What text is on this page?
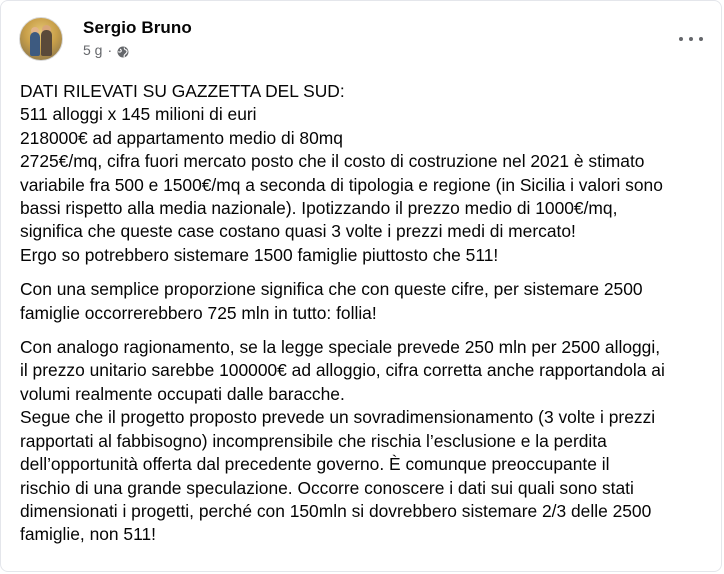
Sergio Bruno
5 g ·
DATI RILEVATI SU GAZZETTA DEL SUD:
511 alloggi x 145 milioni di euri
218000€ ad appartamento medio di 80mq
2725€/mq, cifra fuori mercato posto che il costo di costruzione nel 2021 è stimato
variabile fra 500 e 1500€/mq a seconda di tipologia e regione (in Sicilia i valori sono
bassi rispetto alla media nazionale). Ipotizzando il prezzo medio di 1000€/mq,
significa che queste case costano quasi 3 volte i prezzi medi di mercato!
Ergo so potrebbero sistemare 1500 famiglie piuttosto che 511!
Con una semplice proporzione significa che con queste cifre, per sistemare 2500
famiglie occorrerebbero 725 mln in tutto: follia!
Con analogo ragionamento, se la legge speciale prevede 250 mln per 2500 alloggi,
il prezzo unitario sarebbe 100000€ ad alloggio, cifra corretta anche rapportandola ai
volumi realmente occupati dalle baracche.
Segue che il progetto proposto prevede un sovradimensionamento (3 volte i prezzi
rapportati al fabbisogno) incomprensibile che rischia l’esclusione e la perdita
dell’opportunità offerta dal precedente governo. È comunque preoccupante il
rischio di una grande speculazione. Occorre conoscere i dati sui quali sono stati
dimensionati i progetti, perché con 150mln si dovrebbero sistemare 2/3 delle 2500
famiglie, non 511!
